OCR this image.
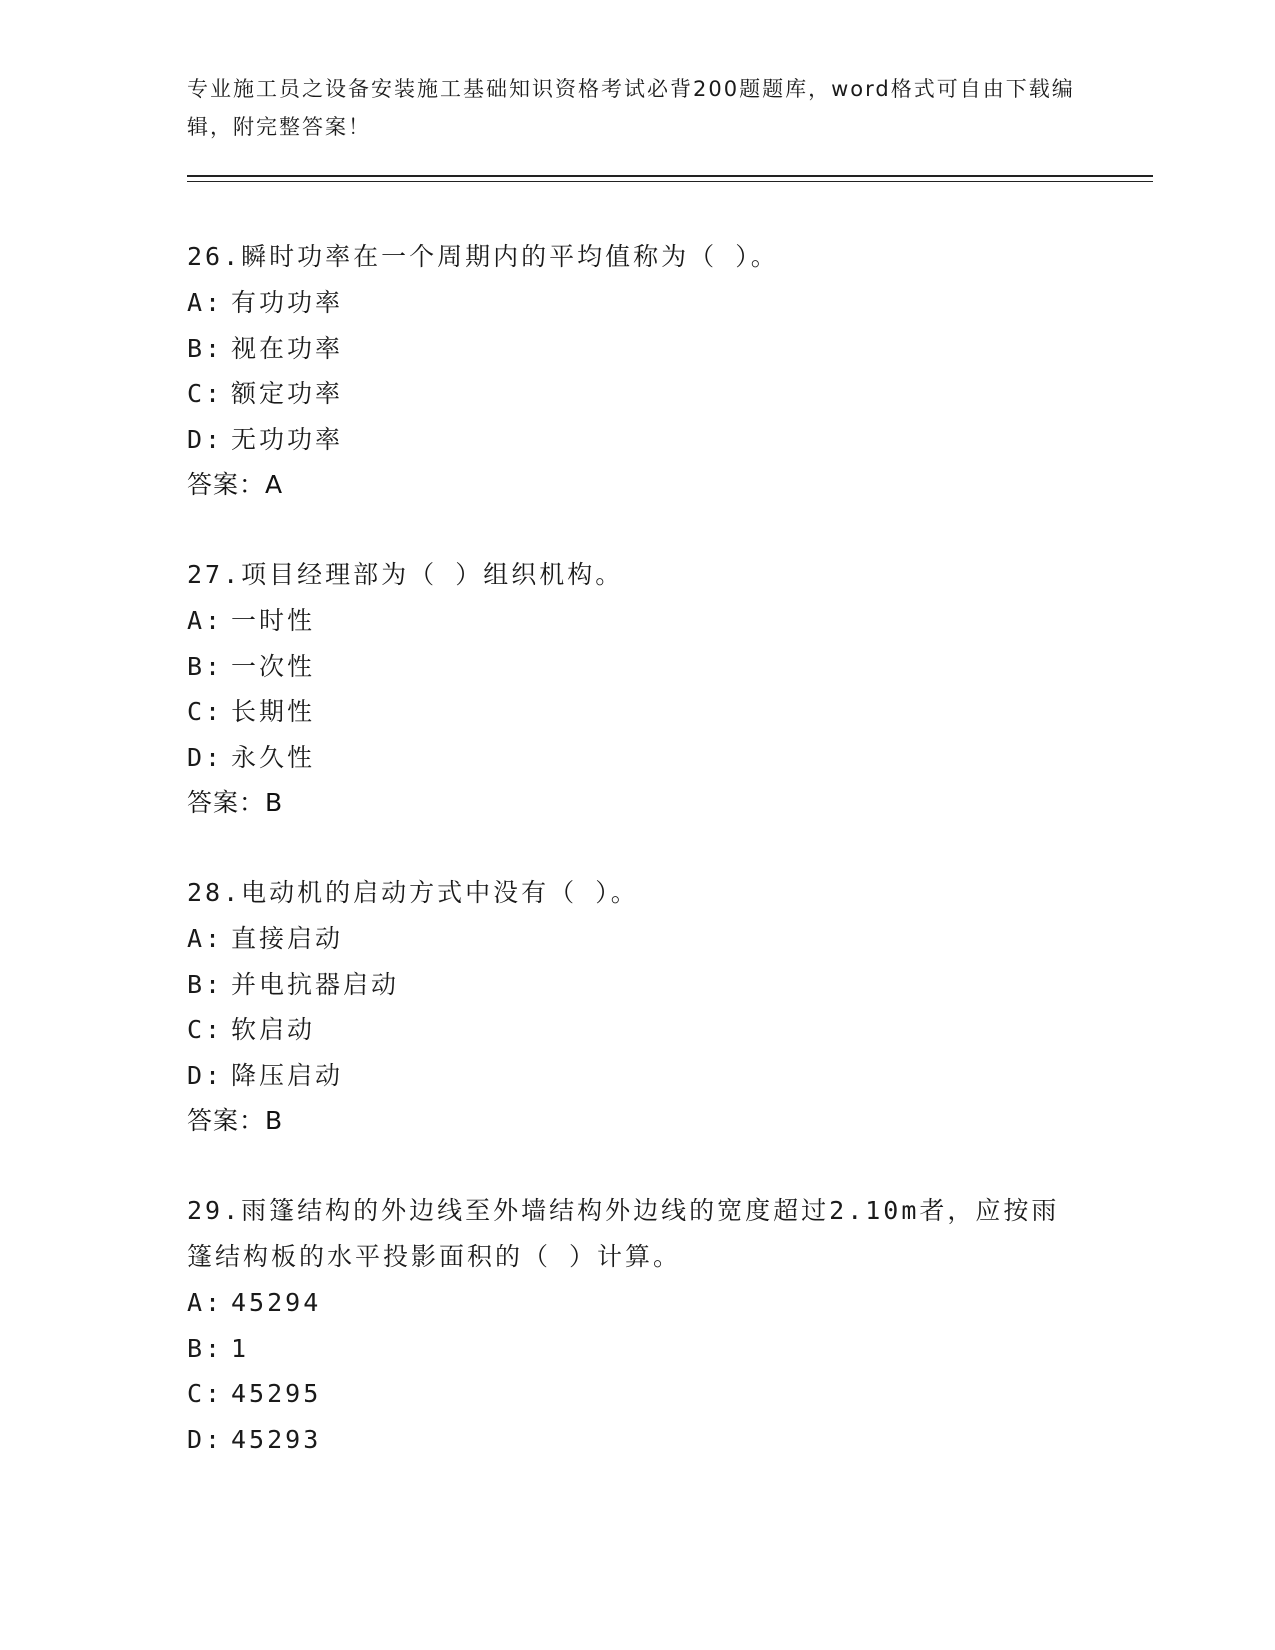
专业施工员之设备安装施工基础知识资格考试必背200题题库，word格式可自由下载编辑，附完整答案！
26.瞬时功率在一个周期内的平均值称为（ ）。
A: 有功功率
B: 视在功率
C: 额定功率
D: 无功功率
答案：A
27.项目经理部为（ ）组织机构。
A: 一时性
B: 一次性
C: 长期性
D: 永久性
答案：B
28.电动机的启动方式中没有（ ）。
A: 直接启动
B: 并电抗器启动
C: 软启动
D: 降压启动
答案：B
29.雨篷结构的外边线至外墙结构外边线的宽度超过2.10m者，应按雨篷结构板的水平投影面积的（ ）计算。
A: 45294
B: 1
C: 45295
D: 45293
